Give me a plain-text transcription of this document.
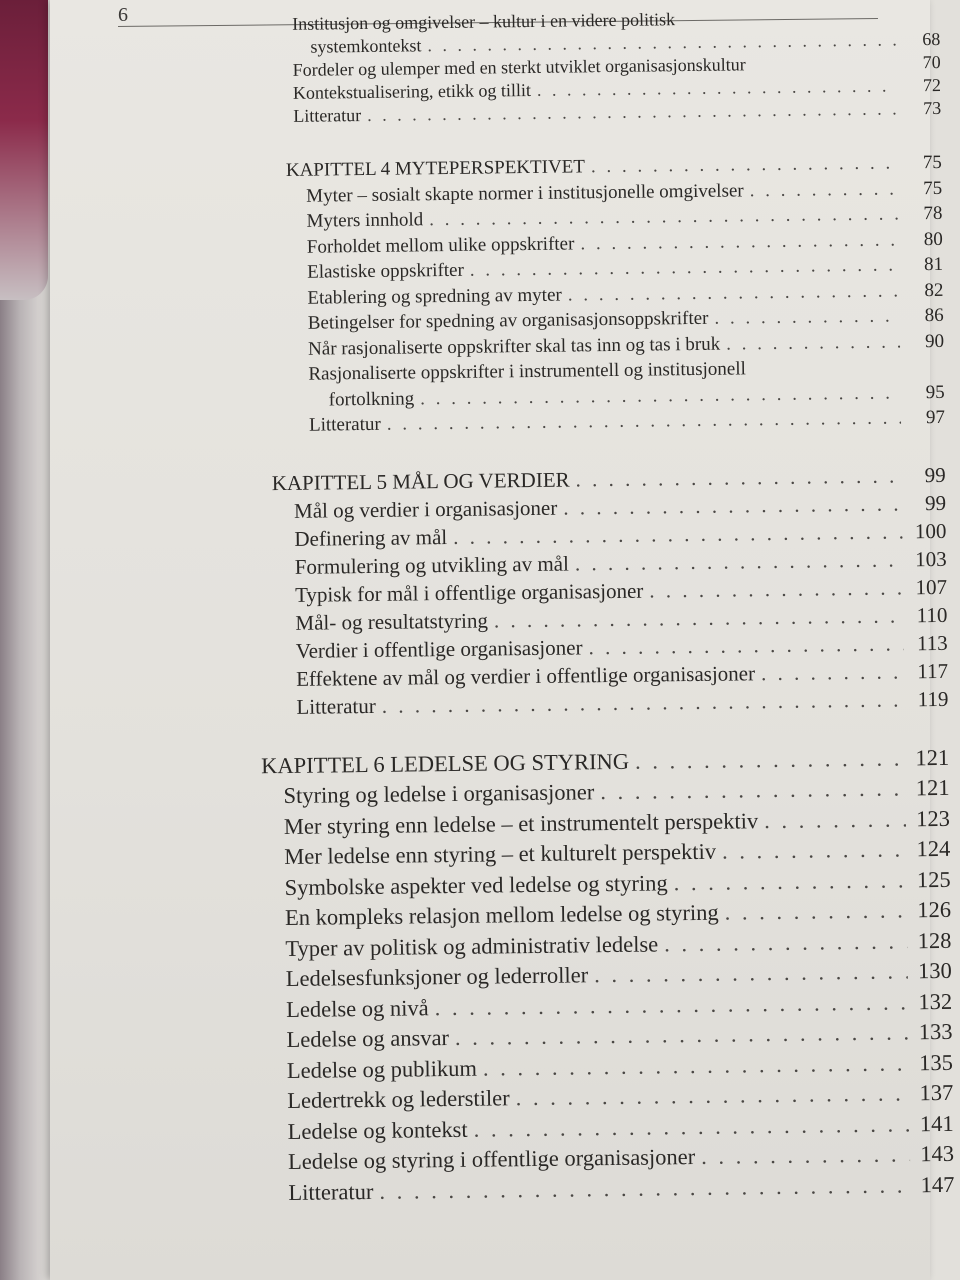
6	Institusjon og omgivelser – kultur i en videre politisk
systemkontekst . . .	68
Fordeler og ulemper med en sterkt utviklet organisasjonskultur	70
Kontekstualisering, etikk og tillit . . .	72
Litteratur . . .	73
KAPITTEL 4 MYTEPERSPEKTIVET . . .	75
Myter – sosialt skapte normer i institusjonelle omgivelser . . .	75
Myters innhold . . .	78
Forholdet mellom ulike oppskrifter . . .	80
Elastiske oppskrifter . . .	81
Etablering og spredning av myter . . .	82
Betingelser for spedning av organisasjonsoppskrifter . . .	86
Når rasjonaliserte oppskrifter skal tas inn og tas i bruk . . .	90
Rasjonaliserte oppskrifter i instrumentell og institusjonell
fortolkning . . .	95
Litteratur . . .	97
KAPITTEL 5 MÅL OG VERDIER . . .	99
Mål og verdier i organisasjoner . . .	99
Definering av mål . . .	100
Formulering og utvikling av mål . . .	103
Typisk for mål i offentlige organisasjoner . . .	107
Mål- og resultatstyring . . .	110
Verdier i offentlige organisasjoner . . .	113
Effektene av mål og verdier i offentlige organisasjoner . . .	117
Litteratur . . .	119
KAPITTEL 6 LEDELSE OG STYRING . . .	121
Styring og ledelse i organisasjoner . . .	121
Mer styring enn ledelse – et instrumentelt perspektiv . . .	123
Mer ledelse enn styring – et kulturelt perspektiv . . .	124
Symbolske aspekter ved ledelse og styring . . .	125
En kompleks relasjon mellom ledelse og styring . . .	126
Typer av politisk og administrativ ledelse . . .	128
Ledelsesfunksjoner og lederroller . . .	130
Ledelse og nivå . . .	132
Ledelse og ansvar . . .	133
Ledelse og publikum . . .	135
Ledertrekk og lederstiler . . .	137
Ledelse og kontekst . . .	141
Ledelse og styring i offentlige organisasjoner . . .	143
Litteratur . . .	147
